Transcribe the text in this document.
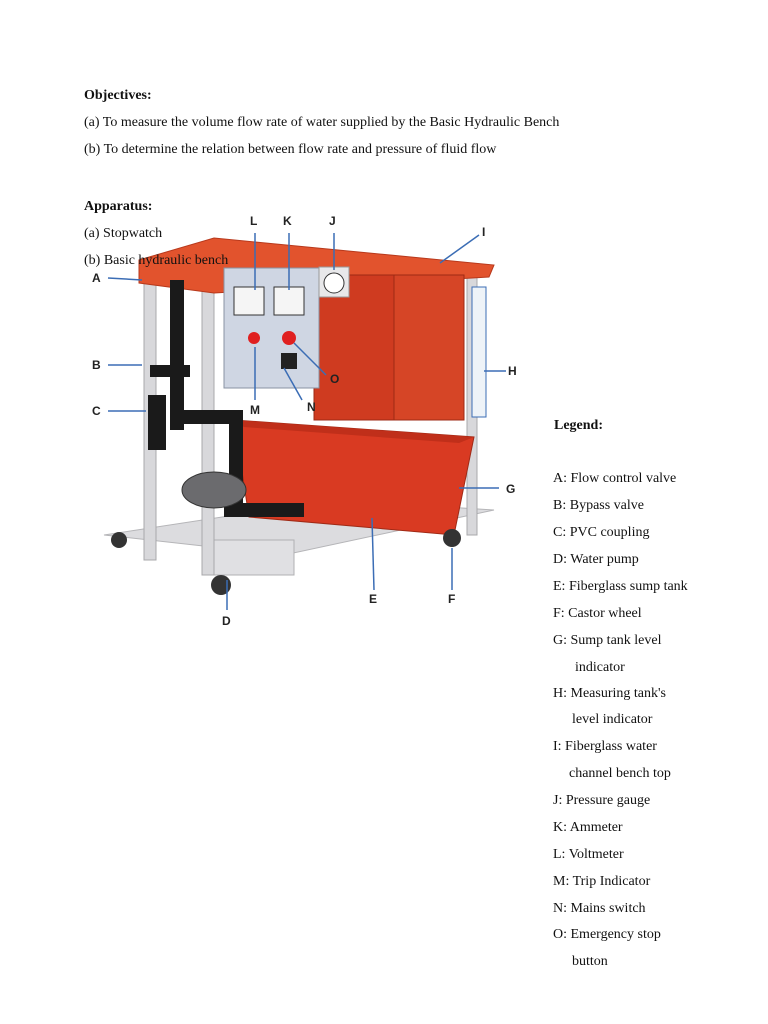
Objectives:
(a) To measure the volume flow rate of water supplied by the Basic Hydraulic Bench
(b) To determine the relation between flow rate and pressure of fluid flow
A
B
C
D
E	F
G
H
I
J
K
L
M	N
O
Apparatus:
(a) Stopwatch
(b) Basic hydraulic bench
Legend:
A: Flow control valve
B: Bypass valve
C: PVC coupling
D: Water pump
E: Fiberglass sump tank
F: Castor wheel
G: Sump tank level
indicator
H: Measuring tank's
level indicator
I: Fiberglass water
channel bench top
J: Pressure gauge
K: Ammeter
L: Voltmeter
M: Trip Indicator
N: Mains switch
O: Emergency stop
button
